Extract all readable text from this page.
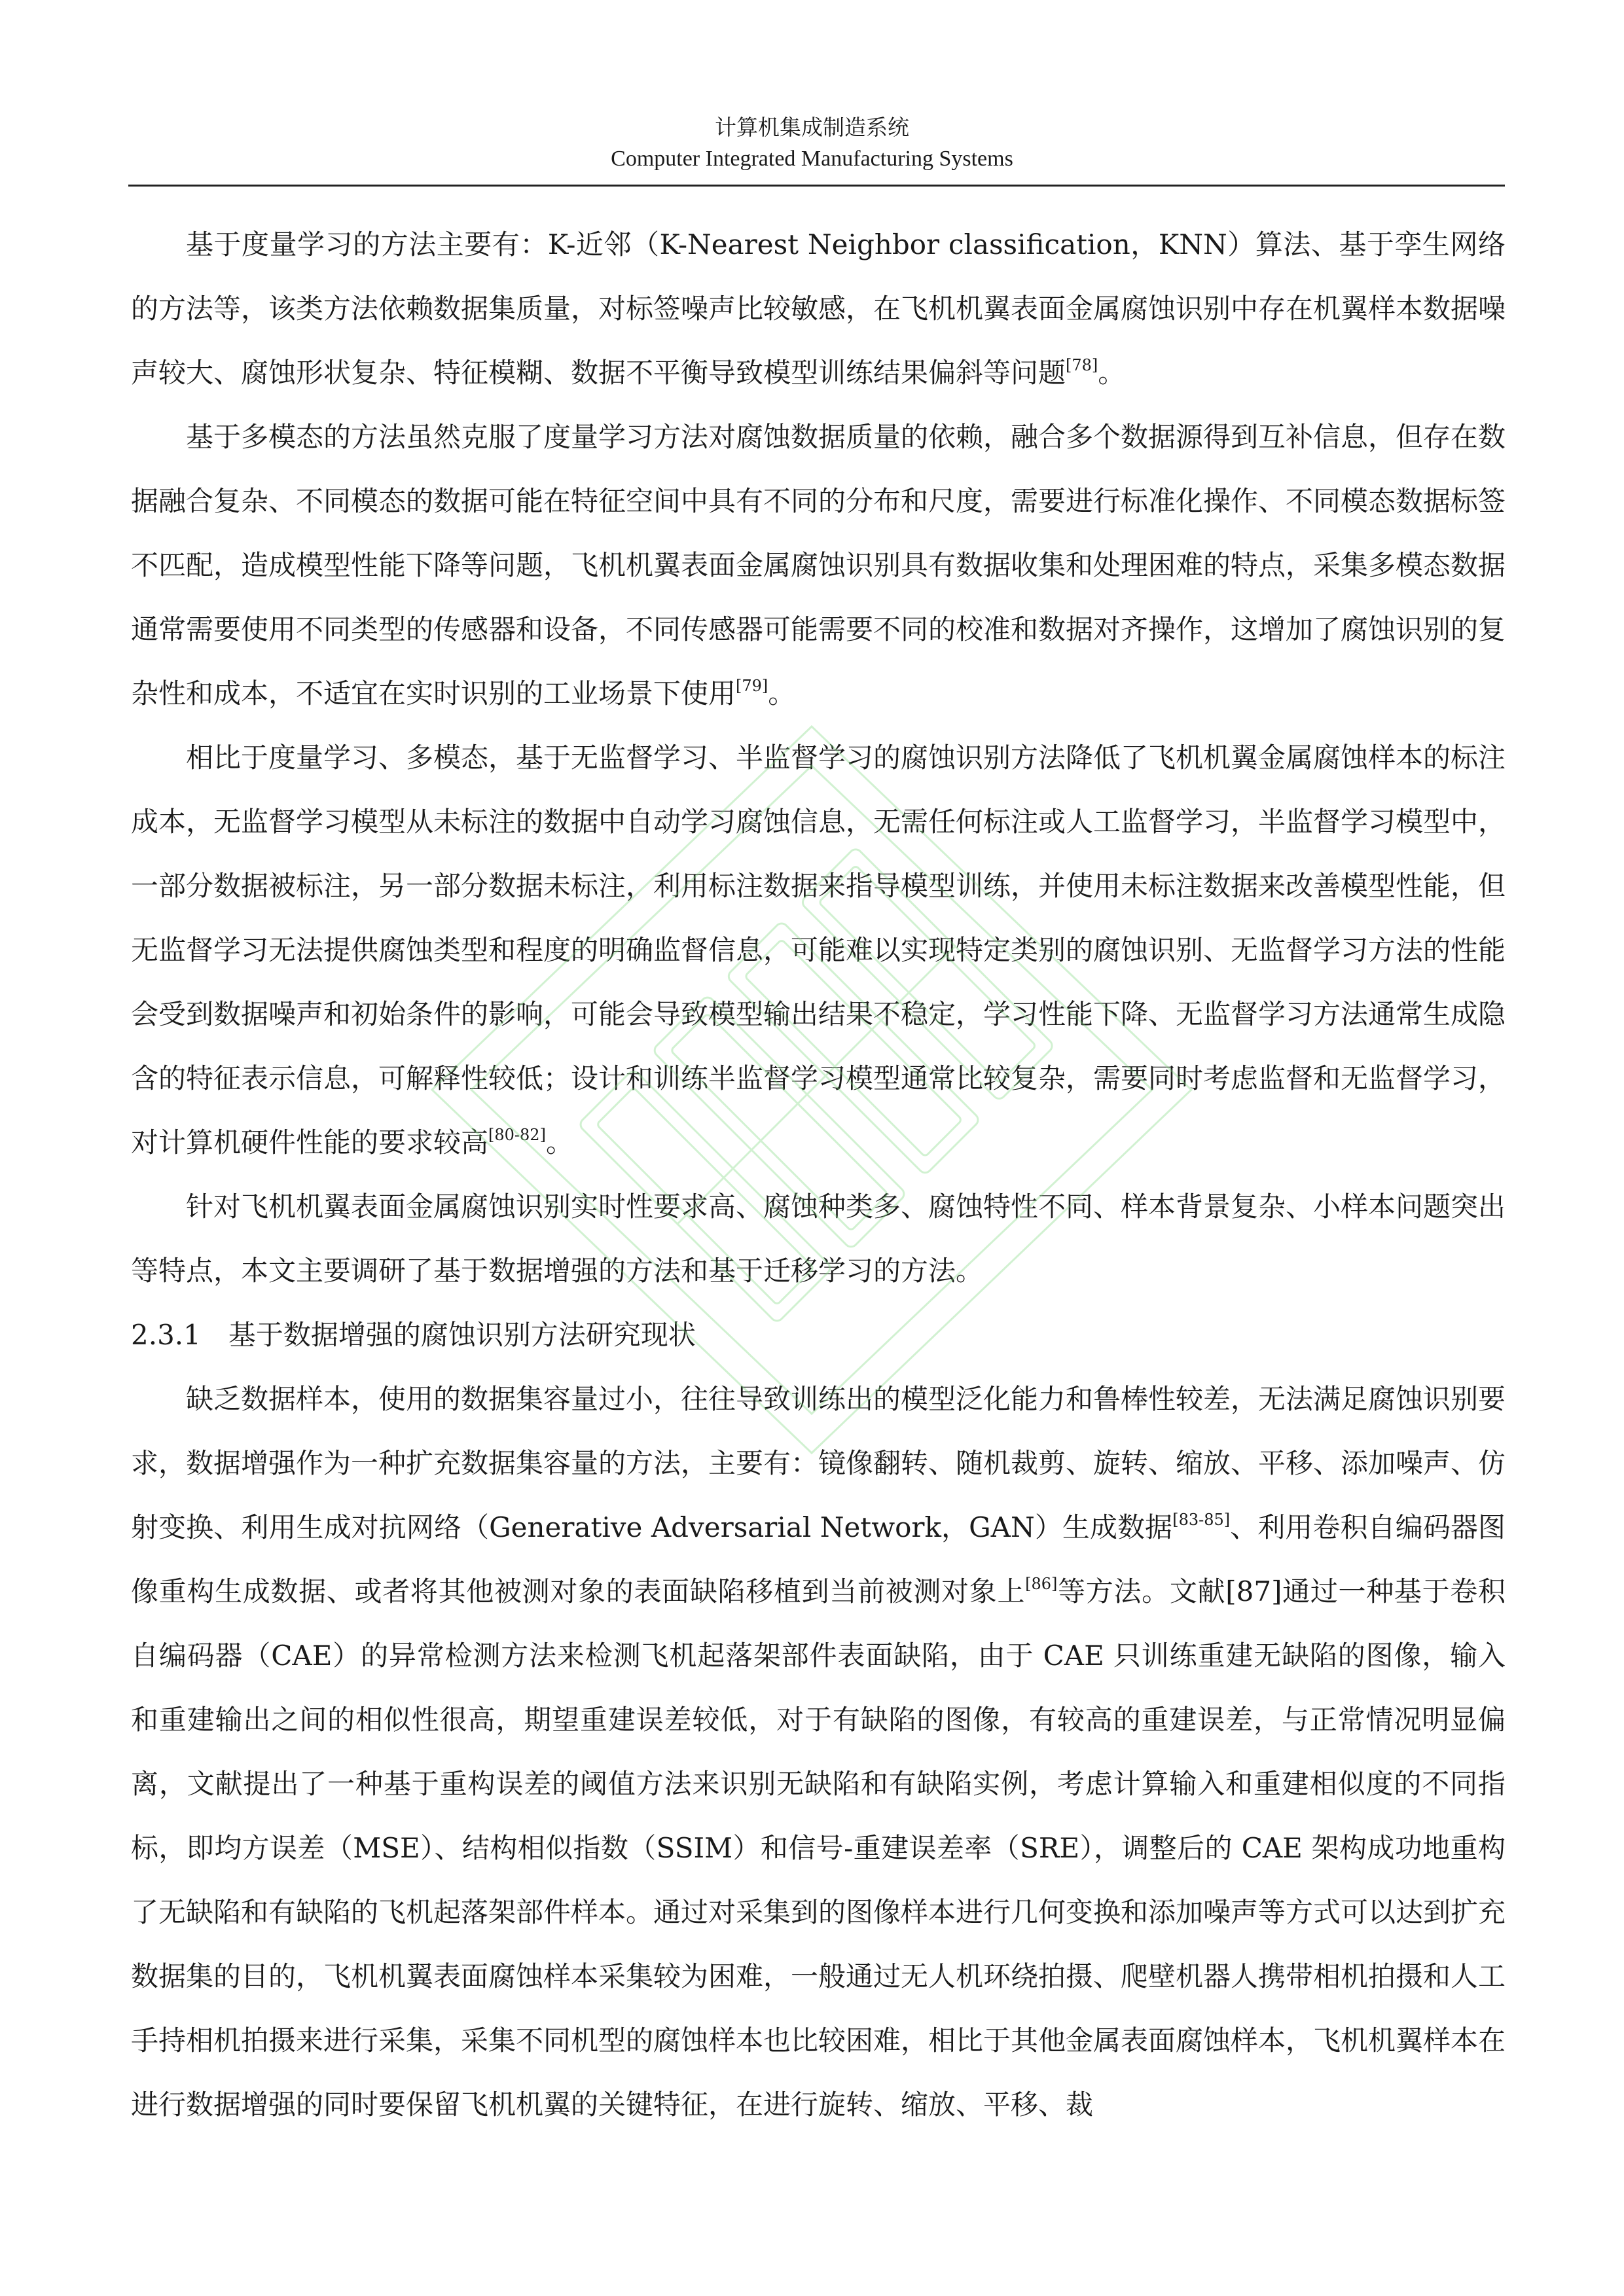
计算机集成制造系统
Computer Integrated Manufacturing Systems

基于度量学习的方法主要有：K-近邻（K-Nearest Neighbor classification，KNN）算法、基于孪生网络的方法等，该类方法依赖数据集质量，对标签噪声比较敏感，在飞机机翼表面金属腐蚀识别中存在机翼样本数据噪声较大、腐蚀形状复杂、特征模糊、数据不平衡导致模型训练结果偏斜等问题[78]。

基于多模态的方法虽然克服了度量学习方法对腐蚀数据质量的依赖，融合多个数据源得到互补信息，但存在数据融合复杂、不同模态的数据可能在特征空间中具有不同的分布和尺度，需要进行标准化操作、不同模态数据标签不匹配，造成模型性能下降等问题，飞机机翼表面金属腐蚀识别具有数据收集和处理困难的特点，采集多模态数据通常需要使用不同类型的传感器和设备，不同传感器可能需要不同的校准和数据对齐操作，这增加了腐蚀识别的复杂性和成本，不适宜在实时识别的工业场景下使用[79]。

相比于度量学习、多模态，基于无监督学习、半监督学习的腐蚀识别方法降低了飞机机翼金属腐蚀样本的标注成本，无监督学习模型从未标注的数据中自动学习腐蚀信息，无需任何标注或人工监督学习，半监督学习模型中，一部分数据被标注，另一部分数据未标注，利用标注数据来指导模型训练，并使用未标注数据来改善模型性能，但无监督学习无法提供腐蚀类型和程度的明确监督信息，可能难以实现特定类别的腐蚀识别、无监督学习方法的性能会受到数据噪声和初始条件的影响，可能会导致模型输出结果不稳定，学习性能下降、无监督学习方法通常生成隐含的特征表示信息，可解释性较低；设计和训练半监督学习模型通常比较复杂，需要同时考虑监督和无监督学习，对计算机硬件性能的要求较高[80-82]。

针对飞机机翼表面金属腐蚀识别实时性要求高、腐蚀种类多、腐蚀特性不同、样本背景复杂、小样本问题突出等特点，本文主要调研了基于数据增强的方法和基于迁移学习的方法。

2.3.1　基于数据增强的腐蚀识别方法研究现状

缺乏数据样本，使用的数据集容量过小，往往导致训练出的模型泛化能力和鲁棒性较差，无法满足腐蚀识别要求，数据增强作为一种扩充数据集容量的方法，主要有：镜像翻转、随机裁剪、旋转、缩放、平移、添加噪声、仿射变换、利用生成对抗网络（Generative Adversarial Network，GAN）生成数据[83-85]、利用卷积自编码器图像重构生成数据、或者将其他被测对象的表面缺陷移植到当前被测对象上[86]等方法。文献[87]通过一种基于卷积自编码器（CAE）的异常检测方法来检测飞机起落架部件表面缺陷，由于 CAE 只训练重建无缺陷的图像，输入和重建输出之间的相似性很高，期望重建误差较低，对于有缺陷的图像，有较高的重建误差，与正常情况明显偏离，文献提出了一种基于重构误差的阈值方法来识别无缺陷和有缺陷实例，考虑计算输入和重建相似度的不同指标，即均方误差（MSE）、结构相似指数（SSIM）和信号-重建误差率（SRE），调整后的 CAE 架构成功地重构了无缺陷和有缺陷的飞机起落架部件样本。通过对采集到的图像样本进行几何变换和添加噪声等方式可以达到扩充数据集的目的，飞机机翼表面腐蚀样本采集较为困难，一般通过无人机环绕拍摄、爬壁机器人携带相机拍摄和人工手持相机拍摄来进行采集，采集不同机型的腐蚀样本也比较困难，相比于其他金属表面腐蚀样本，飞机机翼样本在进行数据增强的同时要保留飞机机翼的关键特征，在进行旋转、缩放、平移、裁
